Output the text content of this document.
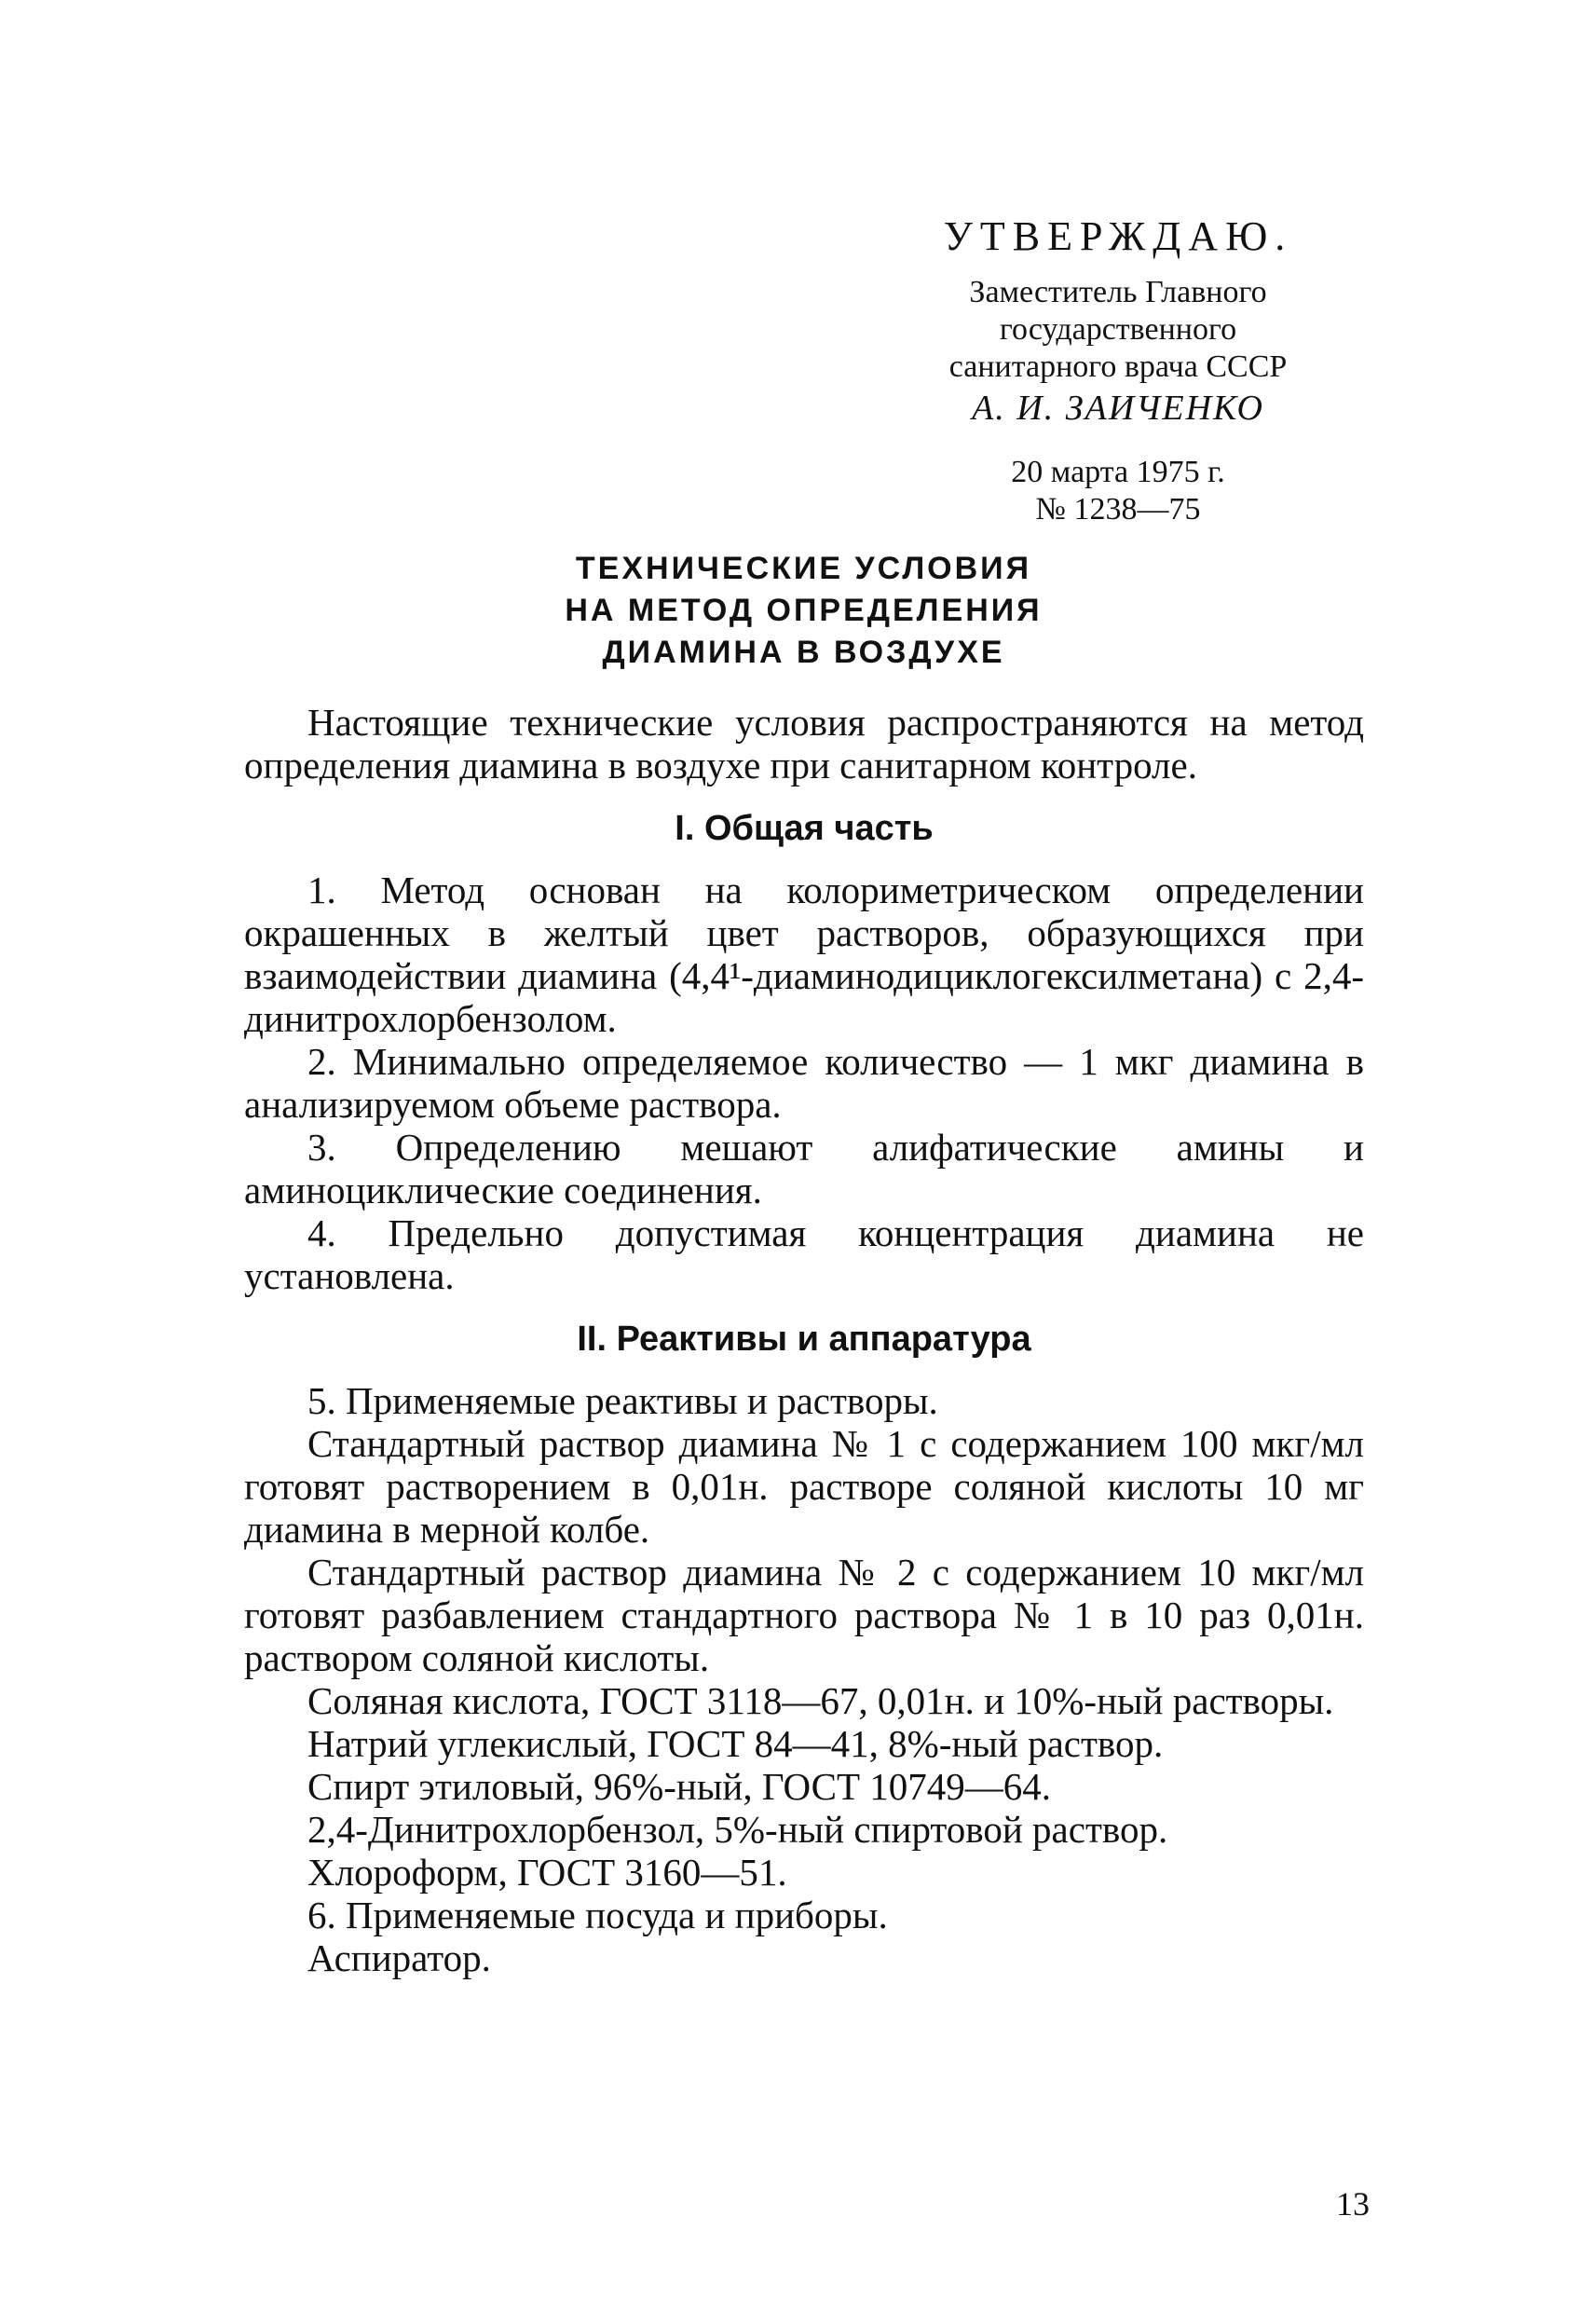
УТВЕРЖДАЮ.
Заместитель Главного
государственного
санитарного врача СССР
А. И. ЗАИЧЕНКО
20 марта 1975 г.
№ 1238—75
ТЕХНИЧЕСКИЕ УСЛОВИЯ
НА МЕТОД ОПРЕДЕЛЕНИЯ
ДИАМИНА В ВОЗДУХЕ

Настоящие технические условия распространяются на метод определения диамина в воздухе при санитарном контроле.

I. Общая часть

1. Метод основан на колориметрическом определении окрашенных в желтый цвет растворов, образующихся при взаимодействии диамина (4,4¹-диаминодициклогексилметана) с 2,4-динитрохлорбензолом.

2. Минимально определяемое количество — 1 мкг диамина в анализируемом объеме раствора.

3. Определению мешают алифатические амины и аминоциклические соединения.

4. Предельно допустимая концентрация диамина не установлена.

II. Реактивы и аппаратура

5. Применяемые реактивы и растворы.

Стандартный раствор диамина № 1 с содержанием 100 мкг/мл готовят растворением в 0,01н. растворе соляной кислоты 10 мг диамина в мерной колбе.

Стандартный раствор диамина № 2 с содержанием 10 мкг/мл готовят разбавлением стандартного раствора № 1 в 10 раз 0,01н. раствором соляной кислоты.

Соляная кислота, ГОСТ 3118—67, 0,01н. и 10%-ный растворы.

Натрий углекислый, ГОСТ 84—41, 8%-ный раствор.

Спирт этиловый, 96%-ный, ГОСТ 10749—64.

2,4-Динитрохлорбензол, 5%-ный спиртовой раствор.

Хлороформ, ГОСТ 3160—51.

6. Применяемые посуда и приборы.

Аспиратор.

13
